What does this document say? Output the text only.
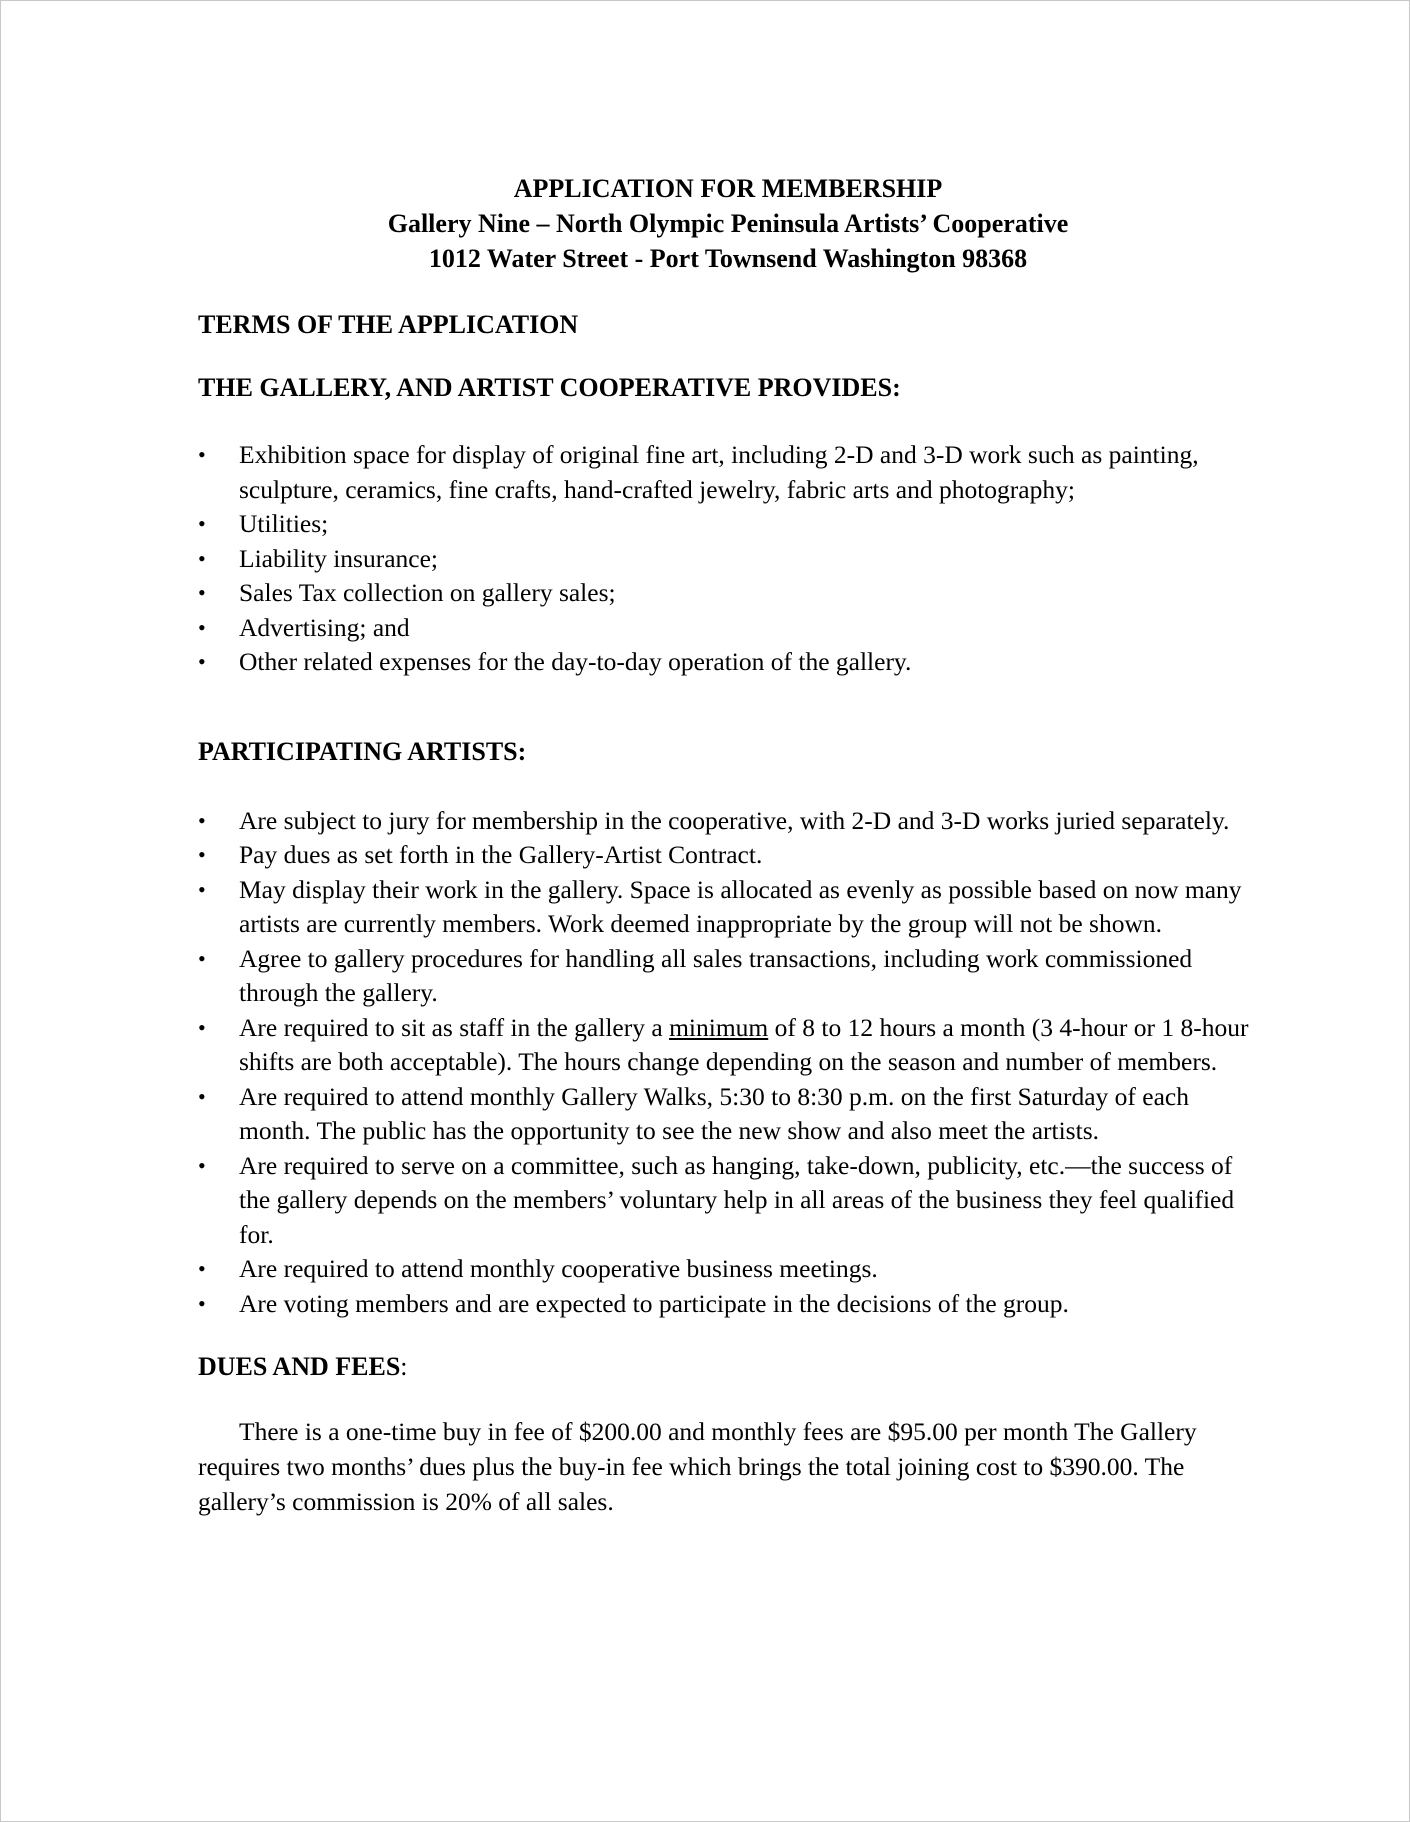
APPLICATION FOR MEMBERSHIP
Gallery Nine – North Olympic Peninsula Artists’ Cooperative
1012 Water Street - Port Townsend Washington 98368
TERMS OF THE APPLICATION
THE GALLERY, AND ARTIST COOPERATIVE PROVIDES:
• Exhibition space for display of original fine art, including 2-D and 3-D work such as painting, sculpture, ceramics, fine crafts, hand-crafted jewelry, fabric arts and photography;
• Utilities;
• Liability insurance;
• Sales Tax collection on gallery sales;
• Advertising; and
• Other related expenses for the day-to-day operation of the gallery.
PARTICIPATING ARTISTS:
• Are subject to jury for membership in the cooperative, with 2-D and 3-D works juried separately.
• Pay dues as set forth in the Gallery-Artist Contract.
• May display their work in the gallery. Space is allocated as evenly as possible based on now many artists are currently members. Work deemed inappropriate by the group will not be shown.
• Agree to gallery procedures for handling all sales transactions, including work commissioned through the gallery.
• Are required to sit as staff in the gallery a minimum of 8 to 12 hours a month (3 4-hour or 1 8-hour shifts are both acceptable). The hours change depending on the season and number of members.
• Are required to attend monthly Gallery Walks, 5:30 to 8:30 p.m. on the first Saturday of each month. The public has the opportunity to see the new show and also meet the artists.
• Are required to serve on a committee, such as hanging, take-down, publicity, etc.—the success of the gallery depends on the members’ voluntary help in all areas of the business they feel qualified for.
• Are required to attend monthly cooperative business meetings.
• Are voting members and are expected to participate in the decisions of the group.
DUES AND FEES:

There is a one-time buy in fee of $200.00 and monthly fees are $95.00 per month The Gallery requires two months’ dues plus the buy-in fee which brings the total joining cost to $390.00. The gallery’s commission is 20% of all sales.
